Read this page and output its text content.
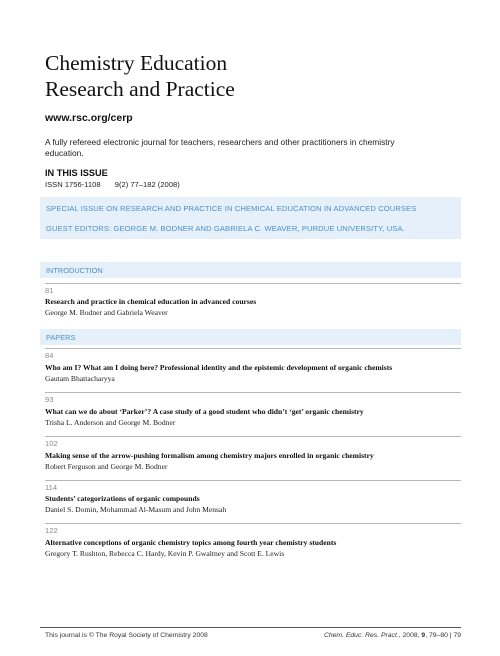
Chemistry Education
Research and Practice
www.rsc.org/cerp
A fully refereed electronic journal for teachers, researchers and other practitioners in chemistry education.
IN THIS ISSUE
ISSN 1756-1108 9(2) 77–182 (2008)
SPECIAL ISSUE ON RESEARCH AND PRACTICE IN CHEMICAL EDUCATION IN ADVANCED COURSES
GUEST EDITORS: GEORGE M. BODNER AND GABRIELA C. WEAVER, PURDUE UNIVERSITY, USA.
INTRODUCTION
81
Research and practice in chemical education in advanced courses
George M. Bodner and Gabriela Weaver
PAPERS
84
Who am I? What am I doing here? Professional identity and the epistemic development of organic chemists
Gautam Bhattacharyya
93
What can we do about ‘Parker’? A case study of a good student who didn’t ‘get’ organic chemistry
Trisha L. Anderson and George M. Bodner
102
Making sense of the arrow-pushing formalism among chemistry majors enrolled in organic chemistry
Robert Ferguson and George M. Bodner
114
Students’ categorizations of organic compounds
Daniel S. Domin, Mohammad Al-Masum and John Mensah
122
Alternative conceptions of organic chemistry topics among fourth year chemistry students
Gregory T. Rushton, Rebecca C. Hardy, Kevin P. Gwaltney and Scott E. Lewis
This journal is © The Royal Society of Chemistry 2008	Chem. Educ. Res. Pract., 2008, 9, 79–80 | 79
